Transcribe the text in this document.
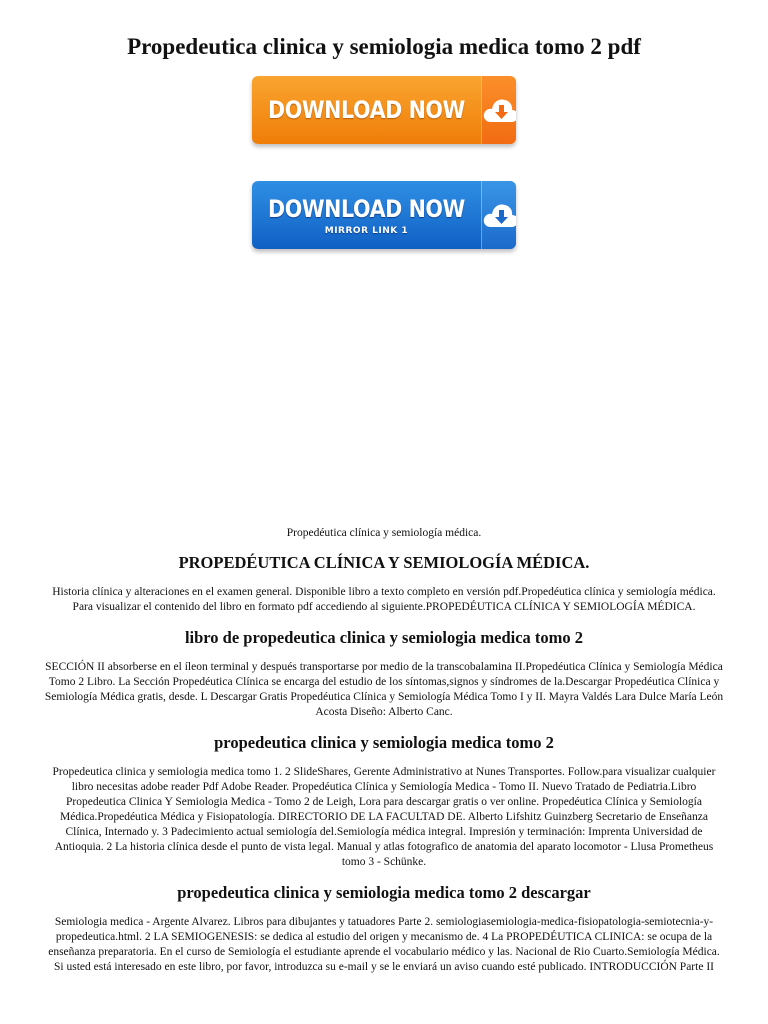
Propedeutica clinica y semiologia medica tomo 2 pdf
DOWNLOAD NOW
DOWNLOAD NOW
MIRROR LINK 1

Propedéutica clínica y semiología médica.

PROPEDÉUTICA CLÍNICA Y SEMIOLOGÍA MÉDICA.

Historia clínica y alteraciones en el examen general. Disponible libro a texto completo en versión pdf.Propedéutica clínica y semiología médica. Para visualizar el contenido del libro en formato pdf accediendo al siguiente.PROPEDÉUTICA CLÍNICA Y SEMIOLOGÍA MÉDICA.

libro de propedeutica clinica y semiologia medica tomo 2

SECCIÓN II absorberse en el íleon terminal y después transportarse por medio de la transcobalamina II.Propedéutica Clínica y Semiología Médica Tomo 2 Libro. La Sección Propedéutica Clínica se encarga del estudio de los síntomas,signos y síndromes de la.Descargar Propedéutica Clínica y Semiología Médica gratis, desde. L Descargar Gratis Propedéutica Clínica y Semiología Médica Tomo I y II. Mayra Valdés Lara Dulce María León Acosta Diseño: Alberto Canc.

propedeutica clinica y semiologia medica tomo 2

Propedeutica clinica y semiologia medica tomo 1. 2 SlideShares, Gerente Administrativo at Nunes Transportes. Follow.para visualizar cualquier libro necesitas adobe reader Pdf Adobe Reader. Propedéutica Clínica y Semiología Medica - Tomo II. Nuevo Tratado de Pediatria.Libro Propedeutica Clinica Y Semiologia Medica - Tomo 2 de Leigh, Lora para descargar gratis o ver online. Propedéutica Clínica y Semiología Médica.Propedéutica Médica y Fisiopatología. DIRECTORIO DE LA FACULTAD DE. Alberto Lifshitz Guinzberg Secretario de Enseñanza Clínica, Internado y. 3 Padecimiento actual semiología del.Semiología médica integral. Impresión y terminación: Imprenta Universidad de Antioquia. 2 La historia clínica desde el punto de vista legal. Manual y atlas fotografico de anatomia del aparato locomotor - Llusa Prometheus tomo 3 - Schünke.

propedeutica clinica y semiologia medica tomo 2 descargar

Semiologia medica - Argente Alvarez. Libros para dibujantes y tatuadores Parte 2. semiologiasemiologia-medica-fisiopatologia-semiotecnia-y-propedeutica.html. 2 LA SEMIOGENESIS: se dedica al estudio del origen y mecanismo de. 4 La PROPEDÉUTICA CLINICA: se ocupa de la enseñanza preparatoria. En el curso de Semiología el estudiante aprende el vocabulario médico y las. Nacional de Rio Cuarto.Semiología Médica. Si usted está interesado en este libro, por favor, introduzca su e-mail y se le enviará un aviso cuando esté publicado. INTRODUCCIÓN Parte II
